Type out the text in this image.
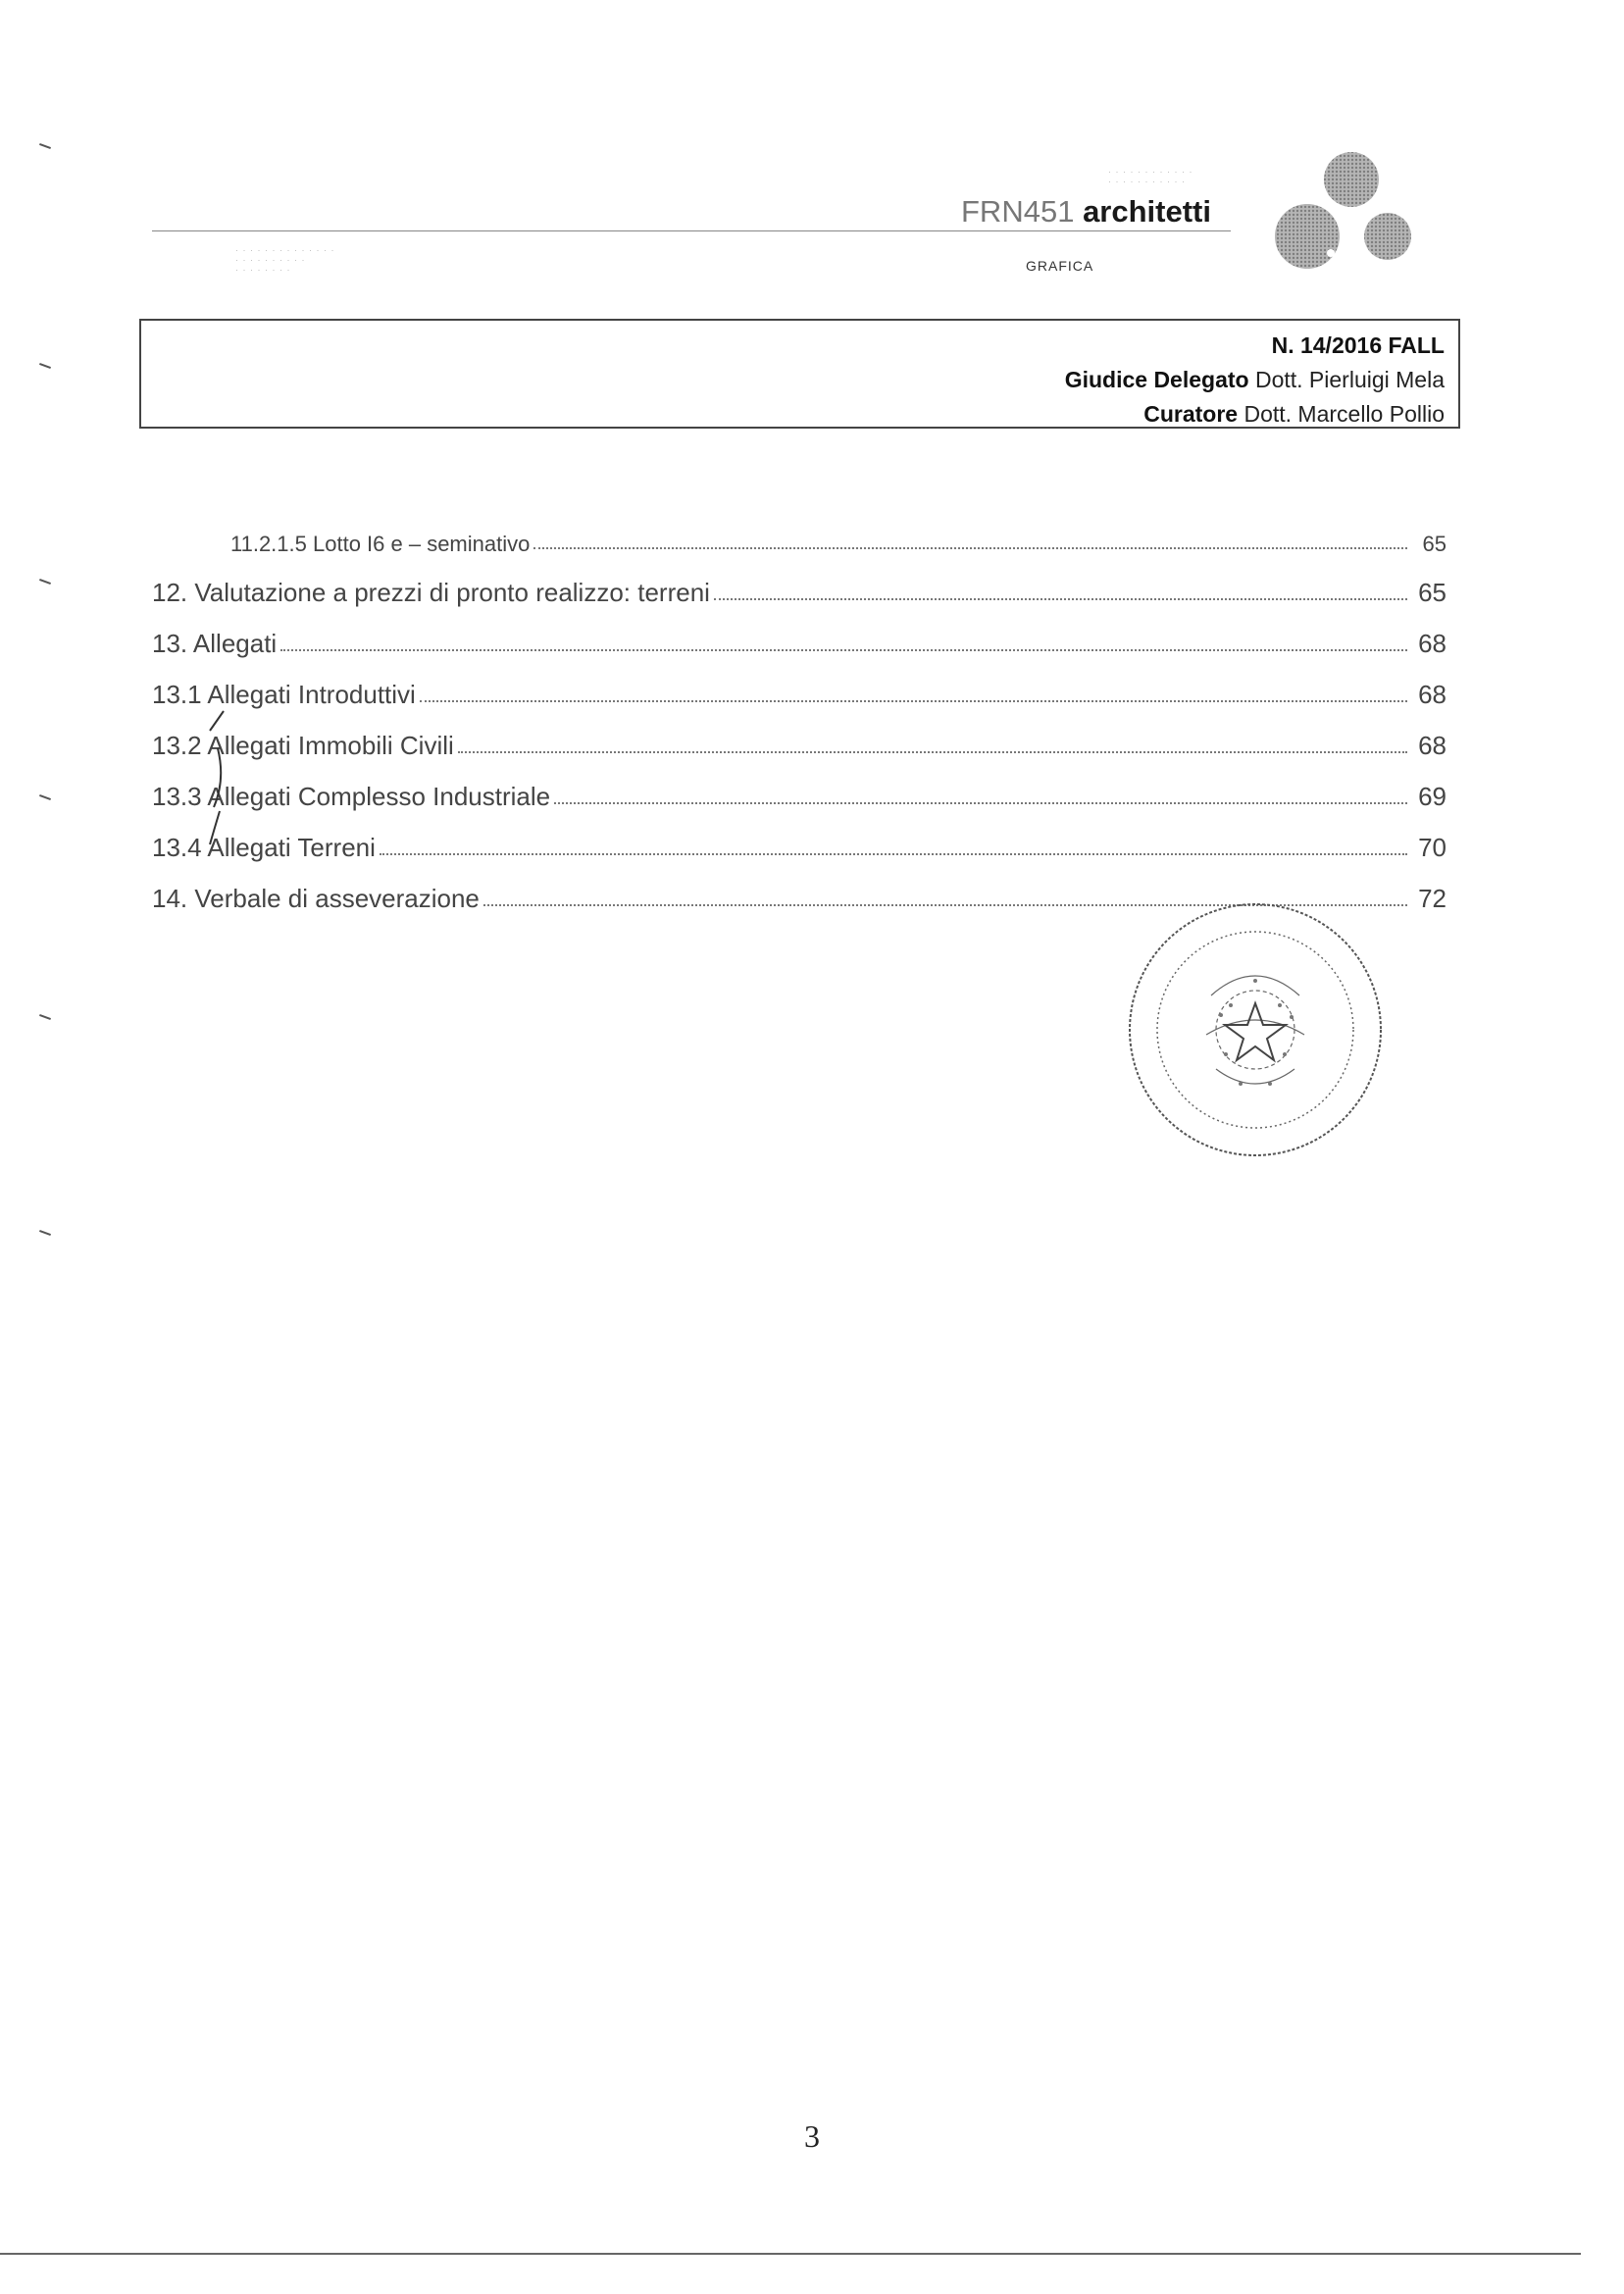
· · · · · · · · · · · ·
· · · · · · · · · · ·
· · · · · · · · · · · · · ·
· · · · · · · · · ·
· · · · · · · ·
FRN451 architetti
GRAFICA
N. 14/2016 FALL
Giudice Delegato Dott. Pierluigi Mela
Curatore Dott. Marcello Pollio
11.2.1.5 Lotto I6 e – seminativo	65
12. Valutazione a prezzi di pronto realizzo: terreni	65
13. Allegati	68
13.1 Allegati Introduttivi	68
13.2 Allegati Immobili Civili	68
13.3 Allegati Complesso Industriale	69
13.4 Allegati Terreni	70
14. Verbale di asseverazione	72
3
